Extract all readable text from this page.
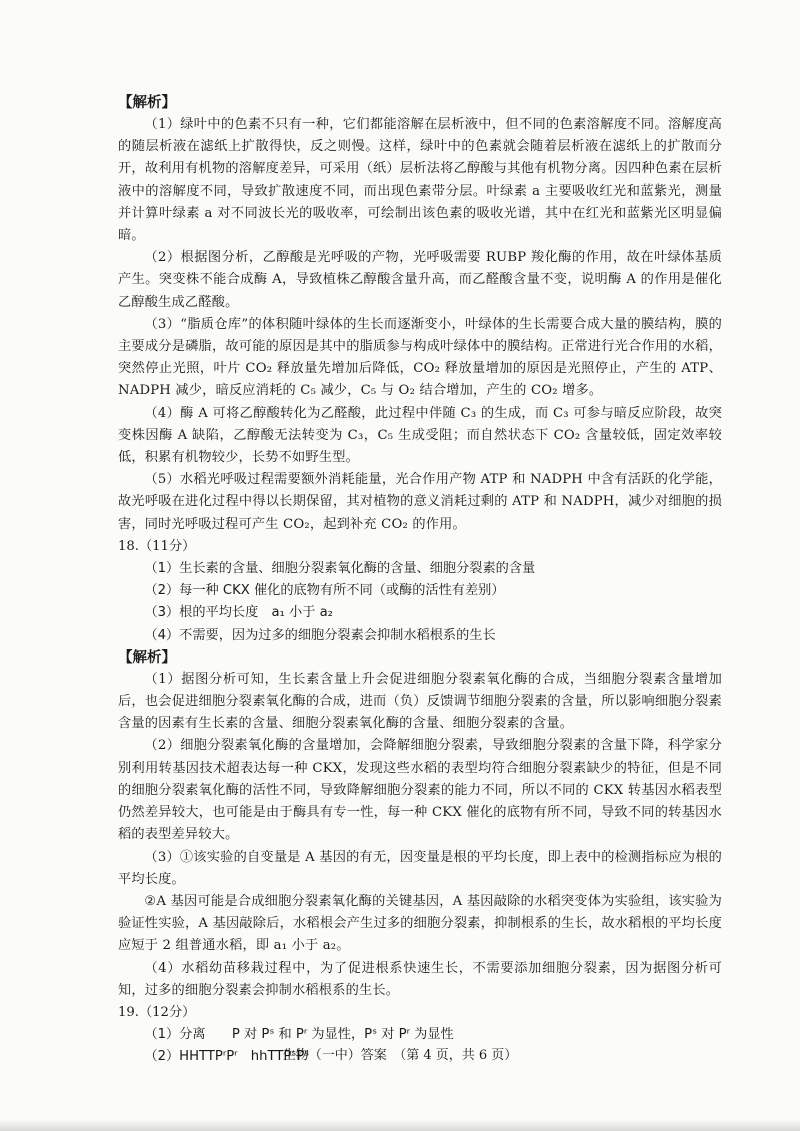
【解析】

（1）绿叶中的色素不只有一种，它们都能溶解在层析液中，但不同的色素溶解度不同。溶解度高的随层析液在滤纸上扩散得快，反之则慢。这样，绿叶中的色素就会随着层析液在滤纸上的扩散而分开，故利用有机物的溶解度差异，可采用（纸）层析法将乙醇酸与其他有机物分离。因四种色素在层析液中的溶解度不同，导致扩散速度不同，而出现色素带分层。叶绿素 a 主要吸收红光和蓝紫光，测量并计算叶绿素 a 对不同波长光的吸收率，可绘制出该色素的吸收光谱，其中在红光和蓝紫光区明显偏暗。

（2）根据图分析，乙醇酸是光呼吸的产物，光呼吸需要 RUBP 羧化酶的作用，故在叶绿体基质产生。突变株不能合成酶 A，导致植株乙醇酸含量升高，而乙醛酸含量不变，说明酶 A 的作用是催化乙醇酸生成乙醛酸。

（3）“脂质仓库”的体积随叶绿体的生长而逐渐变小，叶绿体的生长需要合成大量的膜结构，膜的主要成分是磷脂，故可能的原因是其中的脂质参与构成叶绿体中的膜结构。正常进行光合作用的水稻，突然停止光照，叶片 CO₂ 释放量先增加后降低，CO₂ 释放量增加的原因是光照停止，产生的 ATP、NADPH 减少，暗反应消耗的 C₅ 减少，C₅ 与 O₂ 结合增加，产生的 CO₂ 增多。

（4）酶 A 可将乙醇酸转化为乙醛酸，此过程中伴随 C₃ 的生成，而 C₃ 可参与暗反应阶段，故突变株因酶 A 缺陷，乙醇酸无法转变为 C₃，C₅ 生成受阻；而自然状态下 CO₂ 含量较低，固定效率较低，积累有机物较少，长势不如野生型。

（5）水稻光呼吸过程需要额外消耗能量，光合作用产物 ATP 和 NADPH 中含有活跃的化学能，故光呼吸在进化过程中得以长期保留，其对植物的意义消耗过剩的 ATP 和 NADPH，减少对细胞的损害，同时光呼吸过程可产生 CO₂，起到补充 CO₂ 的作用。

18.（11分）

（1）生长素的含量、细胞分裂素氧化酶的含量、细胞分裂素的含量

（2）每一种 CKX 催化的底物有所不同（或酶的活性有差别）

（3）根的平均长度　a₁ 小于 a₂

（4）不需要，因为过多的细胞分裂素会抑制水稻根系的生长

【解析】

（1）据图分析可知，生长素含量上升会促进细胞分裂素氧化酶的合成，当细胞分裂素含量增加后，也会促进细胞分裂素氧化酶的合成，进而（负）反馈调节细胞分裂素的含量，所以影响细胞分裂素含量的因素有生长素的含量、细胞分裂素氧化酶的含量、细胞分裂素的含量。

（2）细胞分裂素氧化酶的含量增加，会降解细胞分裂素，导致细胞分裂素的含量下降，科学家分别利用转基因技术超表达每一种 CKX，发现这些水稻的表型均符合细胞分裂素缺少的特征，但是不同的细胞分裂素氧化酶的活性不同，导致降解细胞分裂素的能力不同，所以不同的 CKX 转基因水稻表型仍然差异较大，也可能是由于酶具有专一性，每一种 CKX 催化的底物有所不同，导致不同的转基因水稻的表型差异较大。

（3）①该实验的自变量是 A 基因的有无，因变量是根的平均长度，即上表中的检测指标应为根的平均长度。

②A 基因可能是合成细胞分裂素氧化酶的关键基因，A 基因敲除的水稻突变体为实验组，该实验为验证性实验，A 基因敲除后，水稻根会产生过多的细胞分裂素，抑制根系的生长，故水稻根的平均长度应短于 2 组普通水稻，即 a₁ 小于 a₂。

（4）水稻幼苗移栽过程中，为了促进根系快速生长，不需要添加细胞分裂素，因为据图分析可知，过多的细胞分裂素会抑制水稻根系的生长。

19.（12分）

（1）分离　　P 对 Pˢ 和 Pʳ 为显性，Pˢ 对 Pʳ 为显性

（2）HHTTPʳPʳ　hhTTPˢPˢ

生物（一中）答案　（第 4 页，共 6 页）
